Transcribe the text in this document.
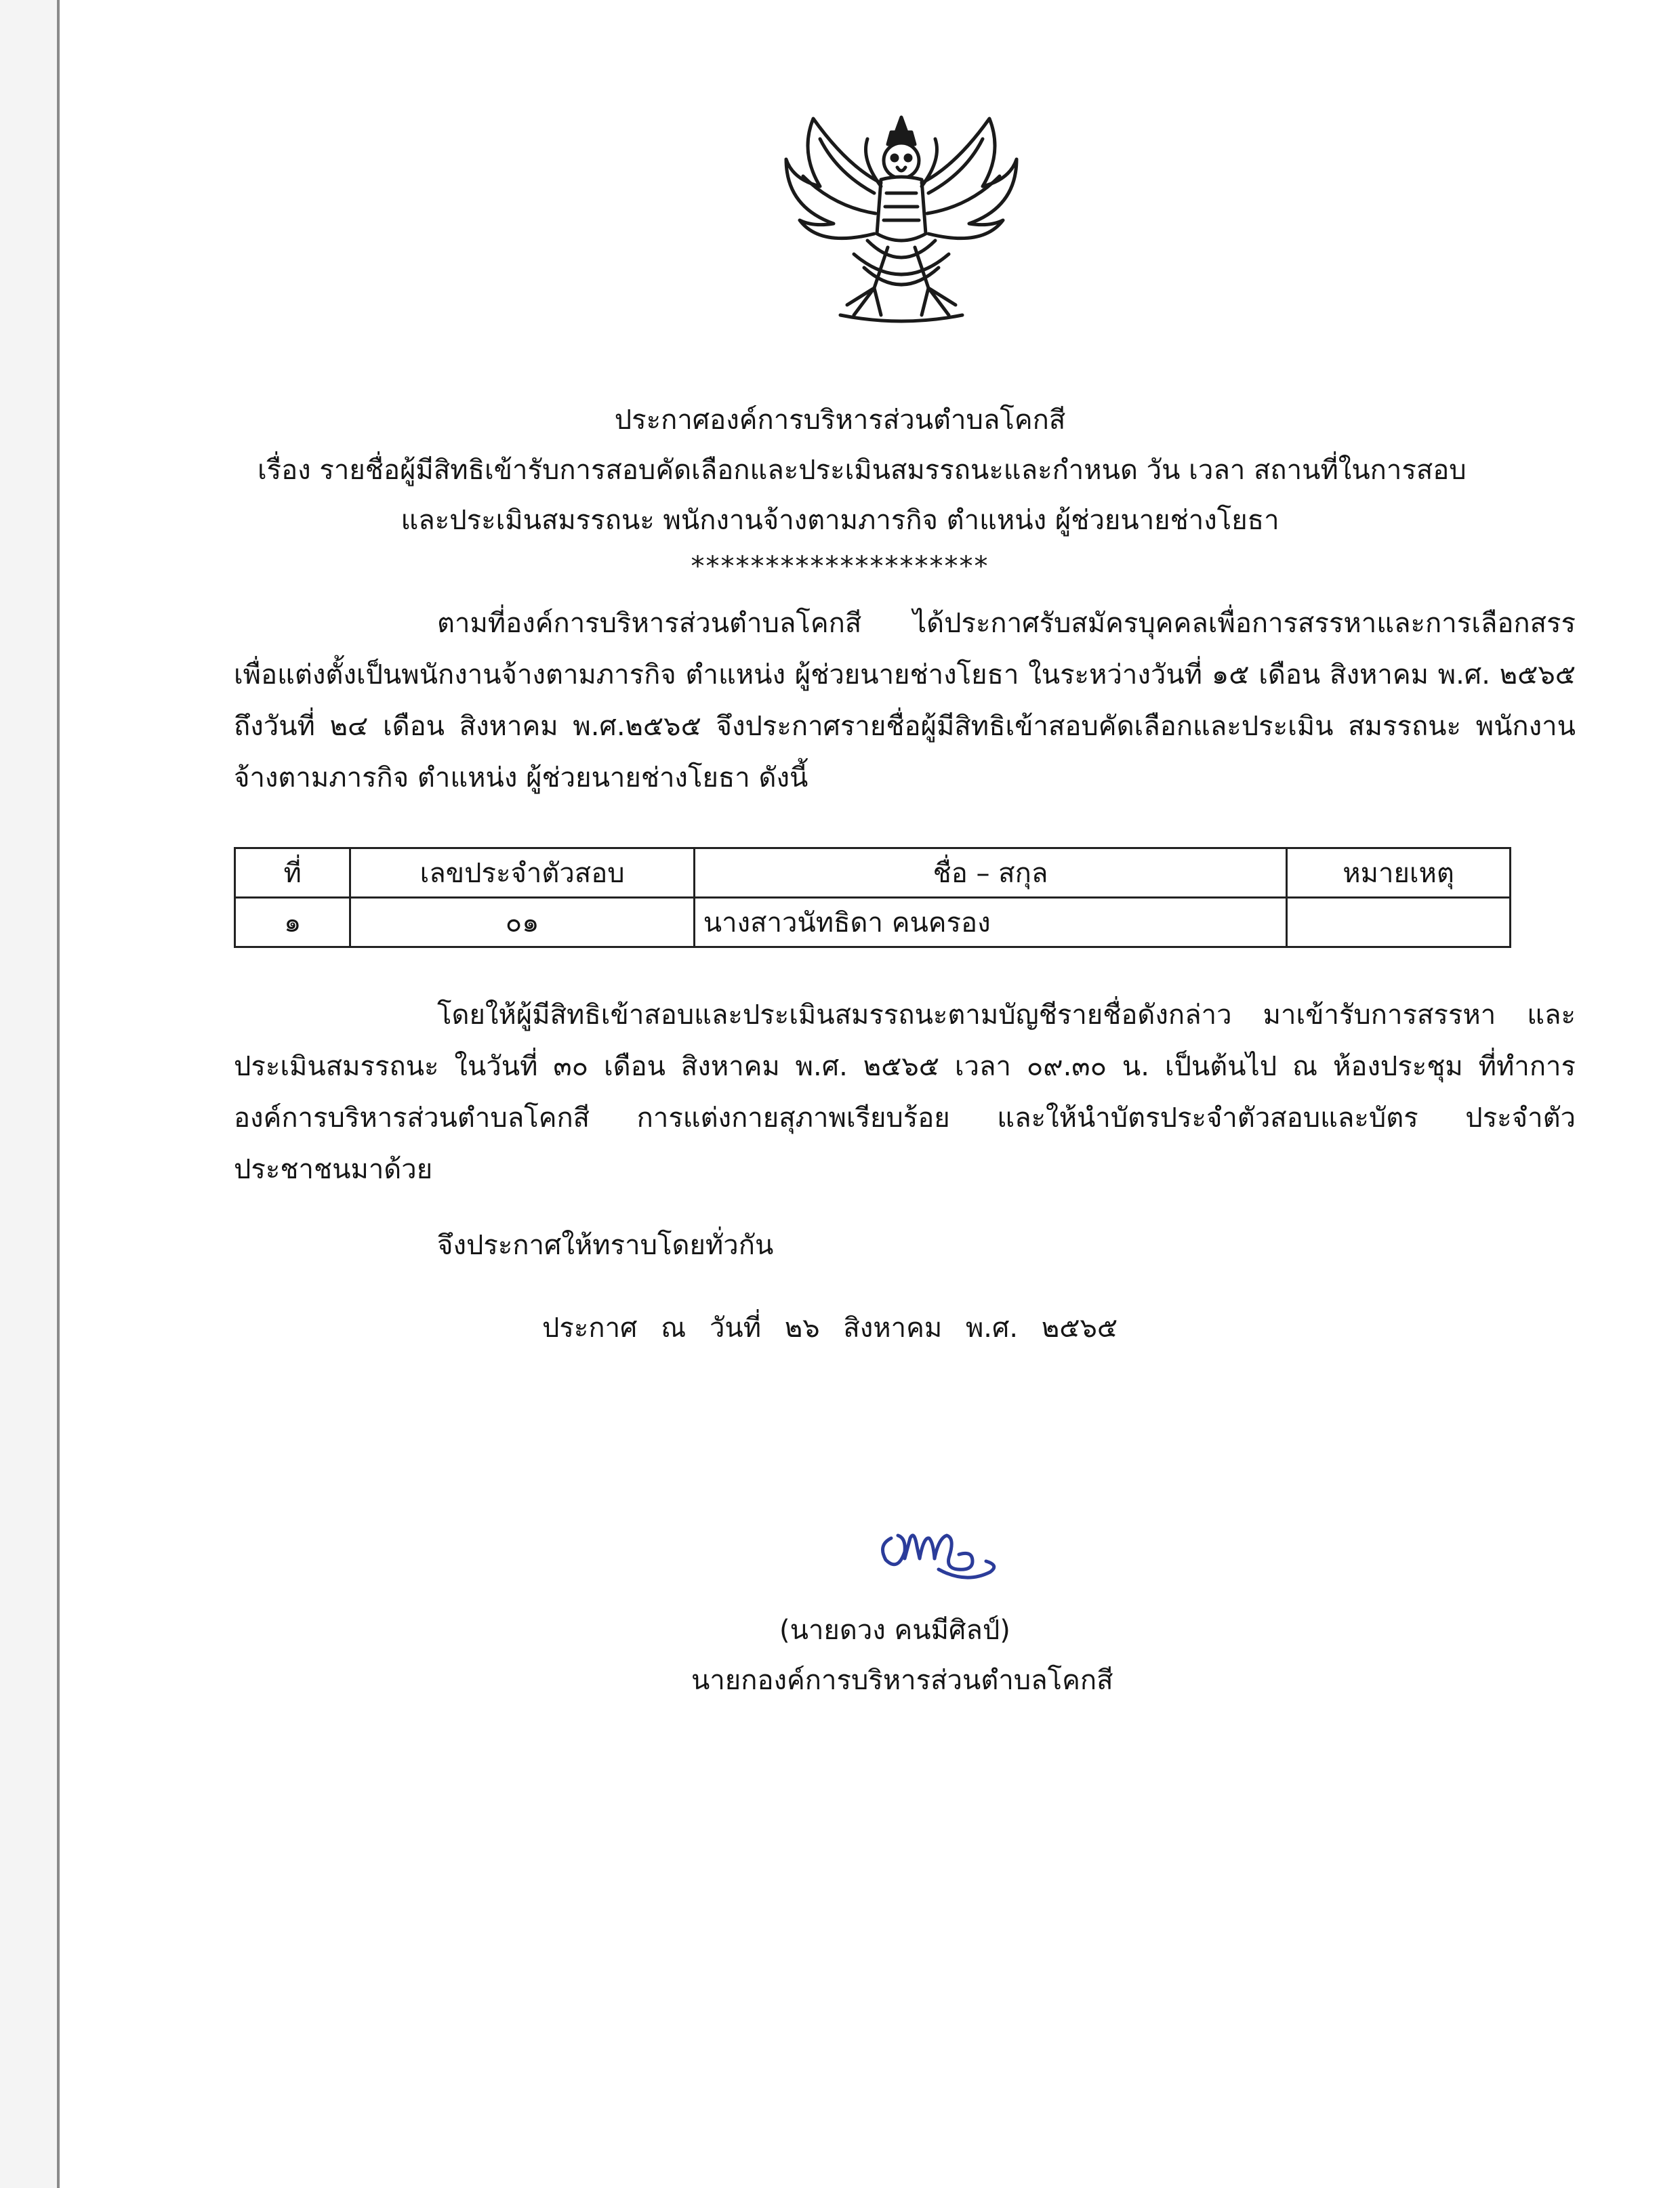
ประกาศองค์การบริหารส่วนตำบลโคกสี
เรื่อง รายชื่อผู้มีสิทธิเข้ารับการสอบคัดเลือกและประเมินสมรรถนะและกำหนด วัน เวลา สถานที่ในการสอบ
และประเมินสมรรถนะ พนักงานจ้างตามภารกิจ ตำแหน่ง ผู้ช่วยนายช่างโยธา
********************

ตามที่องค์การบริหารส่วนตำบลโคกสี ได้ประกาศรับสมัครบุคคลเพื่อการสรรหาและการเลือกสรร เพื่อแต่งตั้งเป็นพนักงานจ้างตามภารกิจ ตำแหน่ง ผู้ช่วยนายช่างโยธา ในระหว่างวันที่ ๑๕ เดือน สิงหาคม พ.ศ. ๒๕๖๕ ถึงวันที่ ๒๔ เดือน สิงหาคม พ.ศ.๒๕๖๕ จึงประกาศรายชื่อผู้มีสิทธิเข้าสอบคัดเลือกและประเมิน สมรรถนะ พนักงานจ้างตามภารกิจ ตำแหน่ง ผู้ช่วยนายช่างโยธา ดังนี้

ที่	เลขประจำตัวสอบ	ชื่อ – สกุล	หมายเหตุ
๑	๐๑	นางสาวนัทธิดา คนครอง	

โดยให้ผู้มีสิทธิเข้าสอบและประเมินสมรรถนะตามบัญชีรายชื่อดังกล่าว มาเข้ารับการสรรหา และประเมินสมรรถนะ ในวันที่ ๓๐ เดือน สิงหาคม พ.ศ. ๒๕๖๕ เวลา ๐๙.๓๐ น. เป็นต้นไป ณ ห้องประชุม ที่ทำการองค์การบริหารส่วนตำบลโคกสี การแต่งกายสุภาพเรียบร้อย และให้นำบัตรประจำตัวสอบและบัตร ประจำตัวประชาชนมาด้วย

จึงประกาศให้ทราบโดยทั่วกัน
ประกาศ ณ วันที่ ๒๖ สิงหาคม พ.ศ. ๒๕๖๕
(นายดวง คนมีศิลป์)
นายกองค์การบริหารส่วนตำบลโคกสี
